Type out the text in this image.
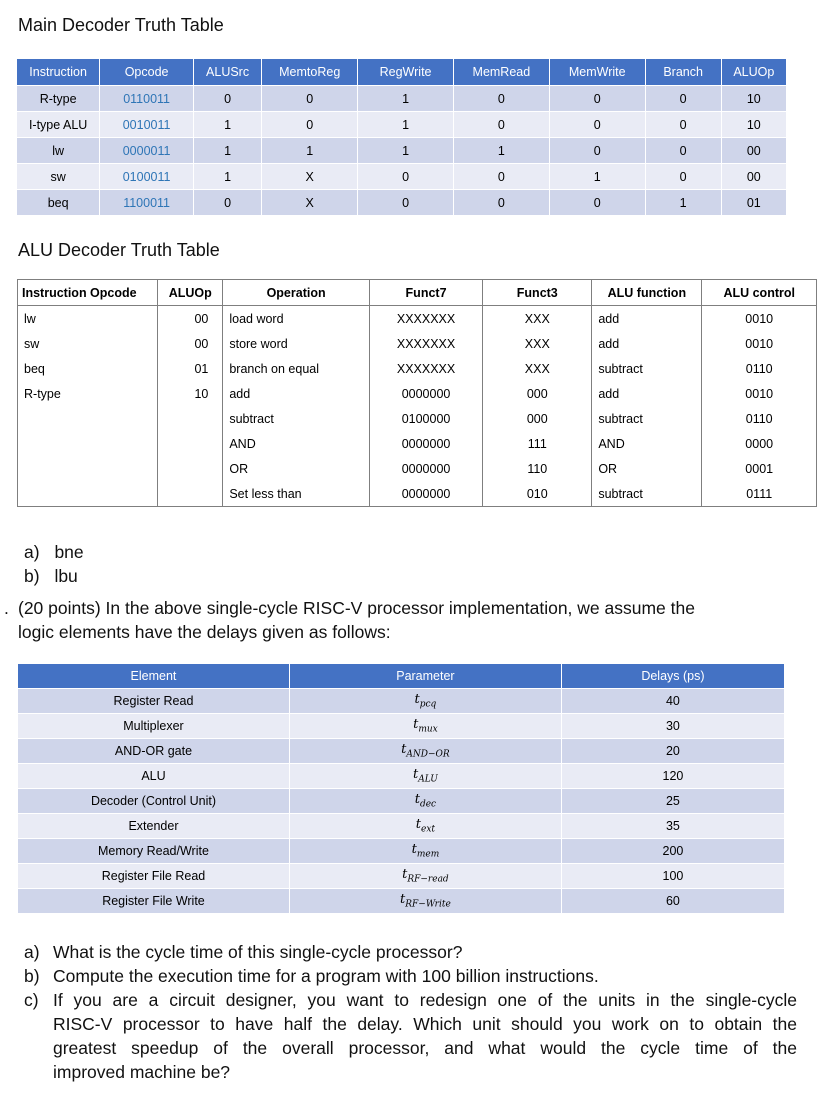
Main Decoder Truth Table
Instruction	Opcode	ALUSrc	MemtoReg	RegWrite	MemRead	MemWrite	Branch	ALUOp
R-type	0110011	0	0	1	0	0	0	10
I-type ALU	0010011	1	0	1	0	0	0	10
lw	0000011	1	1	1	1	0	0	00
sw	0100011	1	X	0	0	1	0	00
beq	1100011	0	X	0	0	0	1	01
ALU Decoder Truth Table
Instruction Opcode	ALUOp	Operation	Funct7	Funct3	ALU function	ALU control
lw	00	load word	XXXXXXX	XXX	add	0010
sw	00	store word	XXXXXXX	XXX	add	0010
beq	01	branch on equal	XXXXXXX	XXX	subtract	0110
R-type	10	add	0000000	000	add	0010
		subtract	0100000	000	subtract	0110
		AND	0000000	111	AND	0000
		OR	0000000	110	OR	0001
		Set less than	0000000	010	subtract	0111
a) bne
b) lbu
. (20 points) In the above single-cycle RISC-V processor implementation, we assume the
logic elements have the delays given as follows:
Element	Parameter	Delays (ps)
Register Read	$t_{pcq}$	40
Multiplexer	$t_{mux}$	30
AND-OR gate	$t_{AND-OR}$	20
ALU	$t_{ALU}$	120
Decoder (Control Unit)	$t_{dec}$	25
Extender	$t_{ext}$	35
Memory Read/Write	$t_{mem}$	200
Register File Read	$t_{RF-read}$	100
Register File Write	$t_{RF-Write}$	60
a) What is the cycle time of this single-cycle processor?
b) Compute the execution time for a program with 100 billion instructions.
c) If you are a circuit designer, you want to redesign one of the units in the single-cycle
RISC-V processor to have half the delay. Which unit should you work on to obtain the
greatest speedup of the overall processor, and what would the cycle time of the
improved machine be?
